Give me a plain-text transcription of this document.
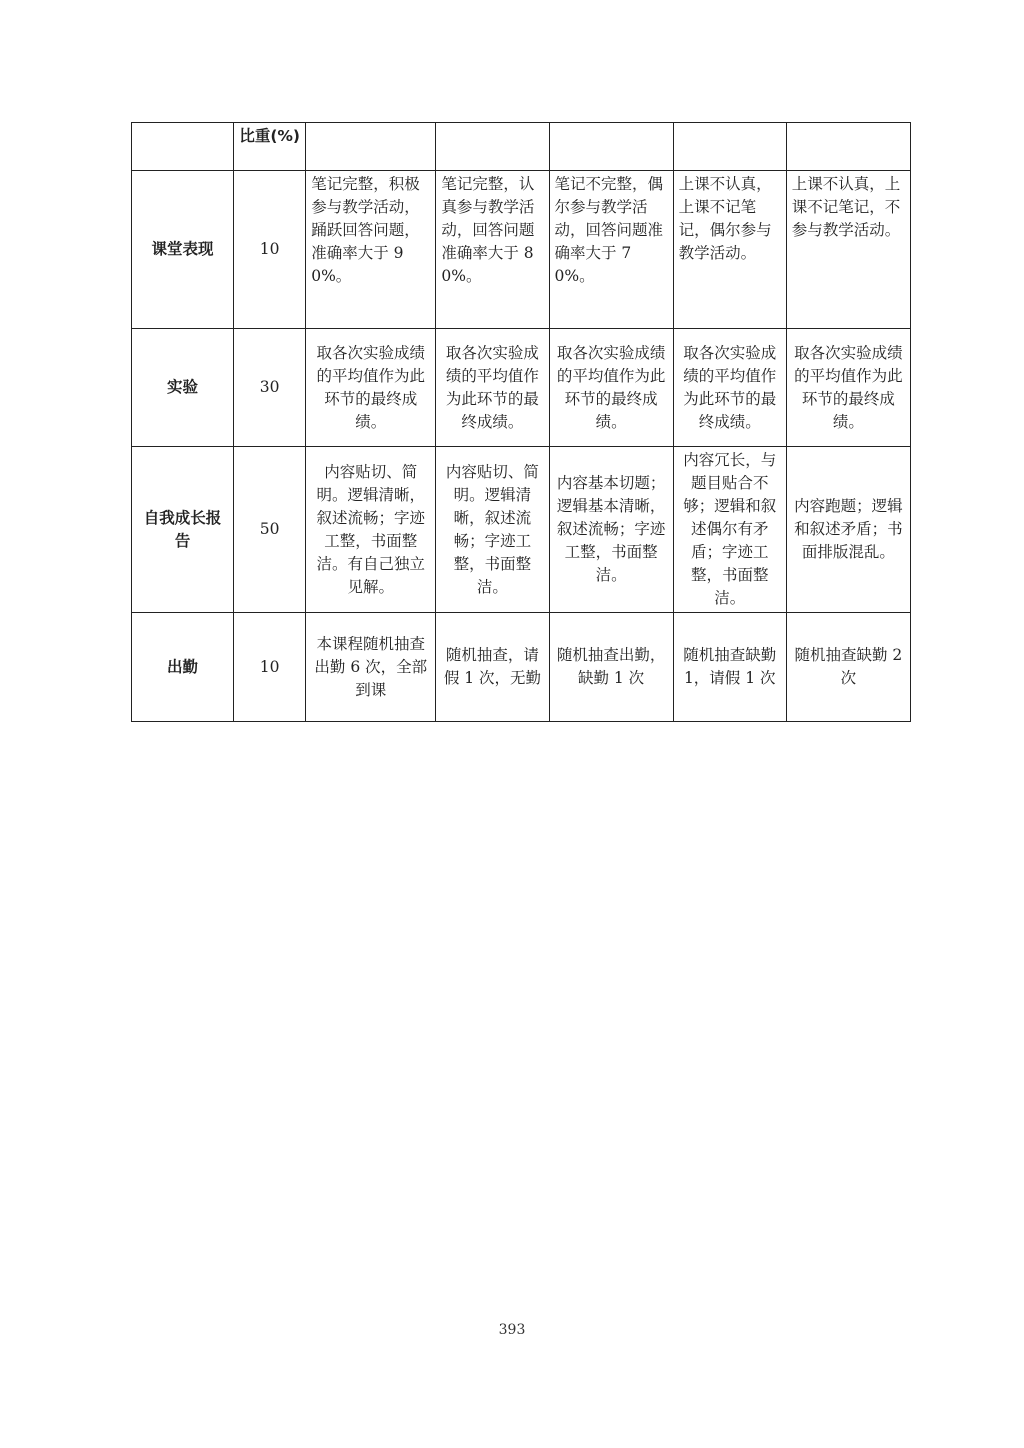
	比重(%)					
课堂表现	10	笔记完整，积极参与教学活动，踊跃回答问题，准确率大于 90%。	笔记完整，认真参与教学活动，回答问题准确率大于 80%。	笔记不完整，偶尔参与教学活动，回答问题准确率大于 70%。	上课不认真，上课不记笔记，偶尔参与教学活动。	上课不认真，上课不记笔记，不参与教学活动。
实验	30	取各次实验成绩的平均值作为此环节的最终成绩。	取各次实验成绩的平均值作为此环节的最终成绩。	取各次实验成绩的平均值作为此环节的最终成绩。	取各次实验成绩的平均值作为此环节的最终成绩。	取各次实验成绩的平均值作为此环节的最终成绩。
自我成长报告	50	内容贴切、简明。逻辑清晰，叙述流畅；字迹工整，书面整洁。有自己独立见解。	内容贴切、简明。逻辑清晰，叙述流畅；字迹工整，书面整洁。	内容基本切题；逻辑基本清晰，叙述流畅；字迹工整，书面整洁。	内容冗长，与题目贴合不够；逻辑和叙述偶尔有矛盾；字迹工整，书面整洁。	内容跑题；逻辑和叙述矛盾；书面排版混乱。
出勤	10	本课程随机抽查出勤 6 次，全部到课	随机抽查，请假 1 次，无勤	随机抽查出勤，缺勤 1 次	随机抽查缺勤 1，请假 1 次	随机抽查缺勤 2 次
393
